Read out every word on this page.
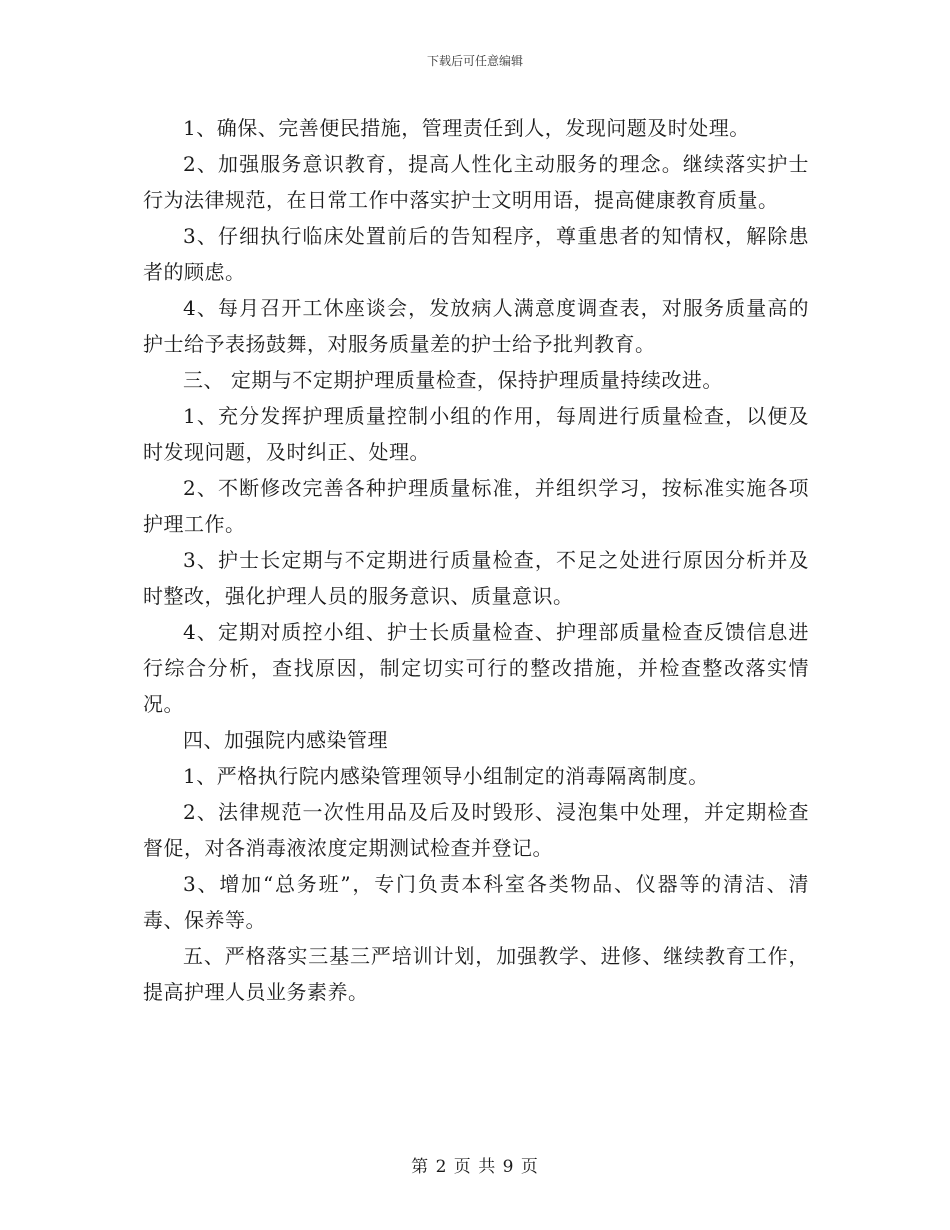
下载后可任意编辑

1、确保、完善便民措施，管理责任到人，发现问题及时处理。

2、加强服务意识教育，提高人性化主动服务的理念。继续落实护士行为法律规范，在日常工作中落实护士文明用语，提高健康教育质量。

3、仔细执行临床处置前后的告知程序，尊重患者的知情权，解除患者的顾虑。

4、每月召开工休座谈会，发放病人满意度调查表，对服务质量高的护士给予表扬鼓舞，对服务质量差的护士给予批判教育。

三、 定期与不定期护理质量检查，保持护理质量持续改进。

1、充分发挥护理质量控制小组的作用，每周进行质量检查，以便及时发现问题，及时纠正、处理。

2、不断修改完善各种护理质量标准，并组织学习，按标准实施各项护理工作。

3、护士长定期与不定期进行质量检查，不足之处进行原因分析并及时整改，强化护理人员的服务意识、质量意识。

4、定期对质控小组、护士长质量检查、护理部质量检查反馈信息进行综合分析，查找原因，制定切实可行的整改措施，并检查整改落实情况。

四、加强院内感染管理

1、严格执行院内感染管理领导小组制定的消毒隔离制度。

2、法律规范一次性用品及后及时毁形、浸泡集中处理，并定期检查督促，对各消毒液浓度定期测试检查并登记。

3、增加“总务班”，专门负责本科室各类物品、仪器等的清洁、清毒、保养等。

五、严格落实三基三严培训计划，加强教学、进修、继续教育工作，提高护理人员业务素养。

第 2 页 共 9 页
